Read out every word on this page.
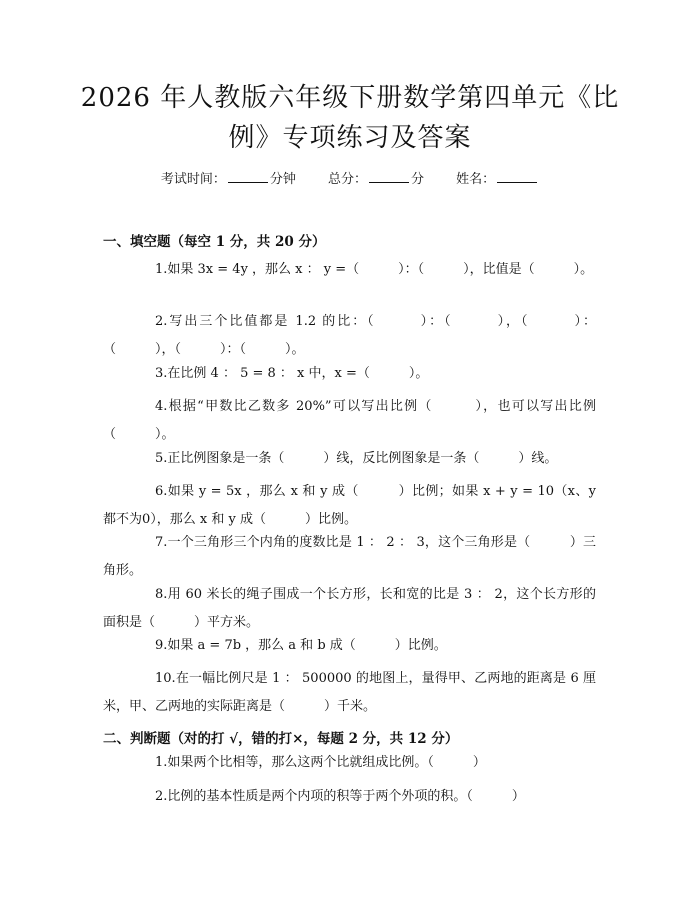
2026 年人教版六年级下册数学第四单元《比
例》专项练习及答案
考试时间：	分钟 总分：	分 姓名：
一、填空题（每空 1 分，共 20 分）
1.如果 3x = 4y ，那么 x ： y =（　　　）：（　　　），比值是（　　　）。
2.写出三个比值都是 1.2 的比：（　　　）：（　　　），（　　　）：（　　　），（　　　）：（　　　）。
3.在比例 4 ： 5 = 8 ： x 中，x =（　　　）。
4.根据“甲数比乙数多 20%”可以写出比例（　　　），也可以写出比例（　　　）。
5.正比例图象是一条（　　　）线，反比例图象是一条（　　　）线。
6.如果 y = 5x ，那么 x 和 y 成（　　　）比例；如果 x + y = 10（x、y 都不为0），那么 x 和 y 成（　　　）比例。
7.一个三角形三个内角的度数比是 1 ： 2 ： 3，这个三角形是（　　　）三角形。
8.用 60 米长的绳子围成一个长方形，长和宽的比是 3 ： 2，这个长方形的面积是（　　　）平方米。
9.如果 a = 7b ，那么 a 和 b 成（　　　）比例。
10.在一幅比例尺是 1 ： 500000 的地图上，量得甲、乙两地的距离是 6 厘米，甲、乙两地的实际距离是（　　　）千米。
二、判断题（对的打 √，错的打×，每题 2 分，共 12 分）
1.如果两个比相等，那么这两个比就组成比例。（　　　）
2.比例的基本性质是两个内项的积等于两个外项的积。（　　　）
